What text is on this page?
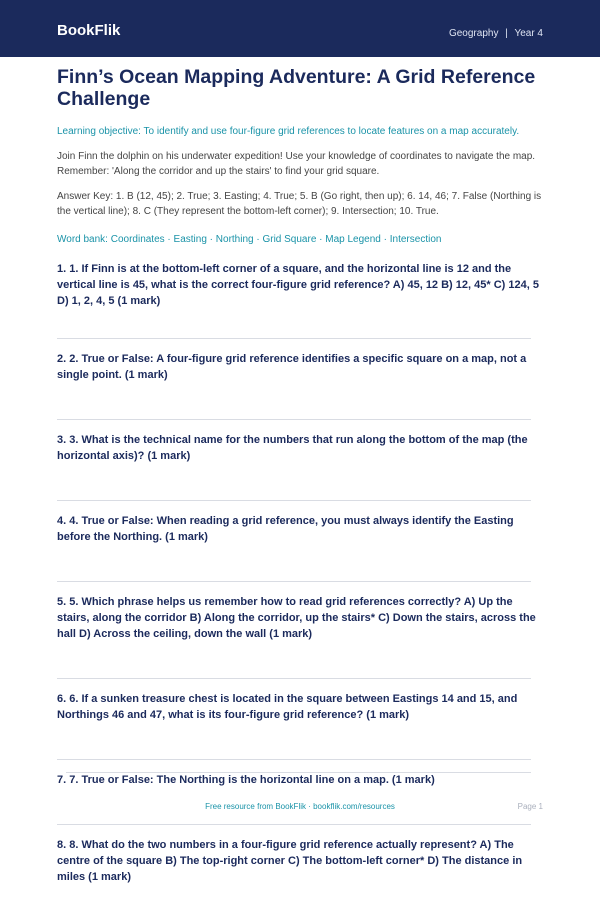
BookFlik	Geography | Year 4
Finn’s Ocean Mapping Adventure: A Grid Reference Challenge
Learning objective: To identify and use four-figure grid references to locate features on a map accurately.
Join Finn the dolphin on his underwater expedition! Use your knowledge of coordinates to navigate the map. Remember: 'Along the corridor and up the stairs' to find your grid square.
Answer Key: 1. B (12, 45); 2. True; 3. Easting; 4. True; 5. B (Go right, then up); 6. 14, 46; 7. False (Northing is the vertical line); 8. C (They represent the bottom-left corner); 9. Intersection; 10. True.
Word bank: Coordinates · Easting · Northing · Grid Square · Map Legend · Intersection
1. 1. If Finn is at the bottom-left corner of a square, and the horizontal line is 12 and the vertical line is 45, what is the correct four-figure grid reference? A) 45, 12 B) 12, 45* C) 124, 5 D) 1, 2, 4, 5 (1 mark)
2. 2. True or False: A four-figure grid reference identifies a specific square on a map, not a single point. (1 mark)
3. 3. What is the technical name for the numbers that run along the bottom of the map (the horizontal axis)? (1 mark)
4. 4. True or False: When reading a grid reference, you must always identify the Easting before the Northing. (1 mark)
5. 5. Which phrase helps us remember how to read grid references correctly? A) Up the stairs, along the corridor B) Along the corridor, up the stairs* C) Down the stairs, across the hall D) Across the ceiling, down the wall (1 mark)
6. 6. If a sunken treasure chest is located in the square between Eastings 14 and 15, and Northings 46 and 47, what is its four-figure grid reference? (1 mark)
7. 7. True or False: The Northing is the horizontal line on a map. (1 mark)
8. 8. What do the two numbers in a four-figure grid reference actually represent? A) The centre of the square B) The top-right corner C) The bottom-left corner* D) The distance in miles (1 mark)
Free resource from BookFlik · bookflik.com/resources	Page 1
